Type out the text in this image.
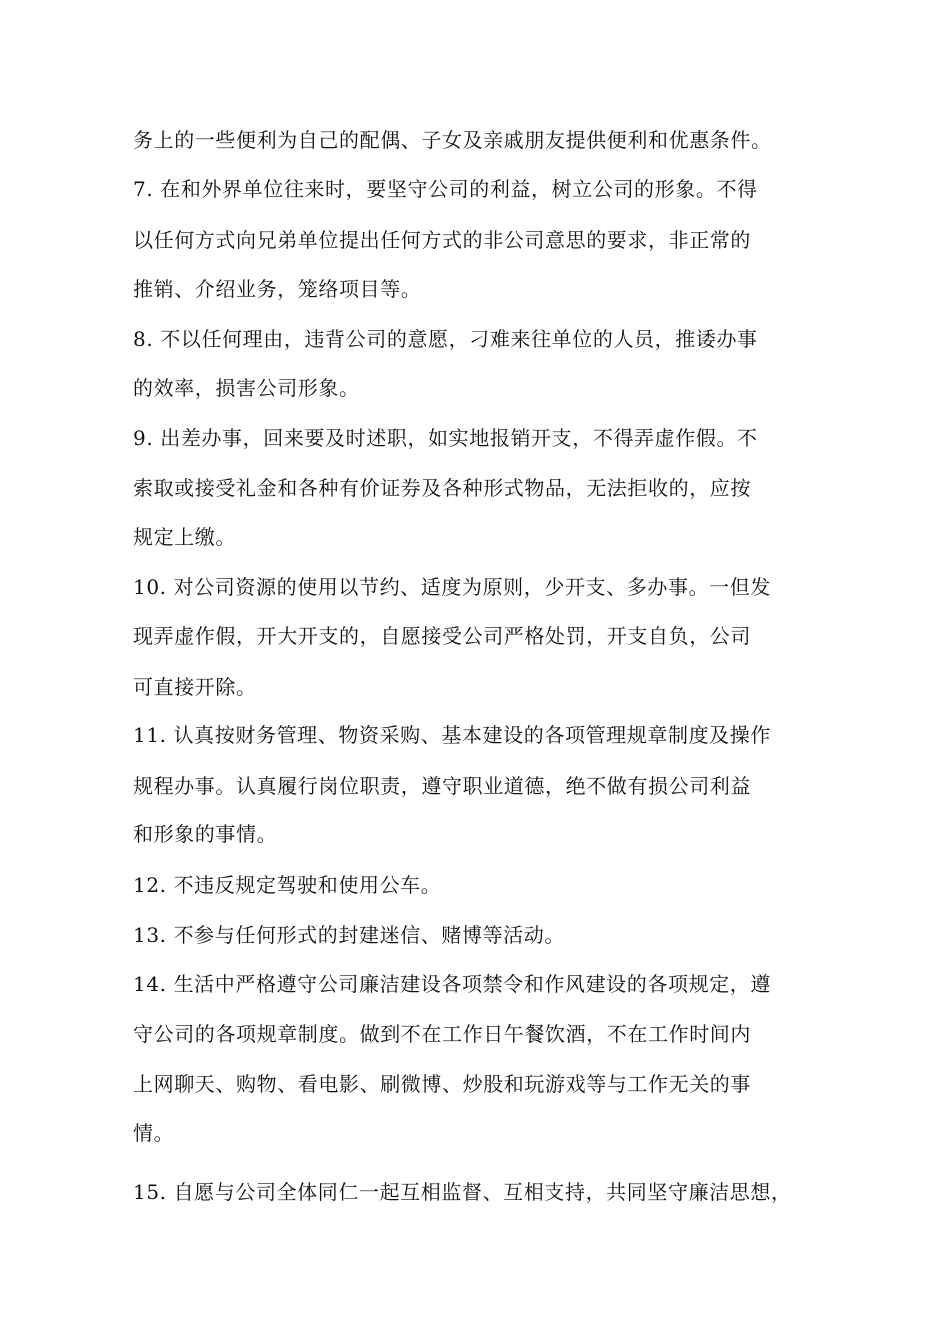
务上的一些便利为自己的配偶、子女及亲戚朋友提供便利和优惠条件。
7. 在和外界单位往来时，要坚守公司的利益，树立公司的形象。不得
以任何方式向兄弟单位提出任何方式的非公司意思的要求，非正常的
推销、介绍业务，笼络项目等。
8. 不以任何理由，违背公司的意愿，刁难来往单位的人员，推诿办事
的效率，损害公司形象。
9. 出差办事，回来要及时述职，如实地报销开支，不得弄虚作假。不
索取或接受礼金和各种有价证券及各种形式物品，无法拒收的，应按
规定上缴。
10. 对公司资源的使用以节约、适度为原则，少开支、多办事。一但发
现弄虚作假，开大开支的，自愿接受公司严格处罚，开支自负，公司
可直接开除。
11. 认真按财务管理、物资采购、基本建设的各项管理规章制度及操作
规程办事。认真履行岗位职责，遵守职业道德，绝不做有损公司利益
和形象的事情。
12. 不违反规定驾驶和使用公车。
13. 不参与任何形式的封建迷信、赌博等活动。
14. 生活中严格遵守公司廉洁建设各项禁令和作风建设的各项规定，遵
守公司的各项规章制度。做到不在工作日午餐饮酒，不在工作时间内
上网聊天、购物、看电影、刷微博、炒股和玩游戏等与工作无关的事
情。
15. 自愿与公司全体同仁一起互相监督、互相支持，共同坚守廉洁思想，
